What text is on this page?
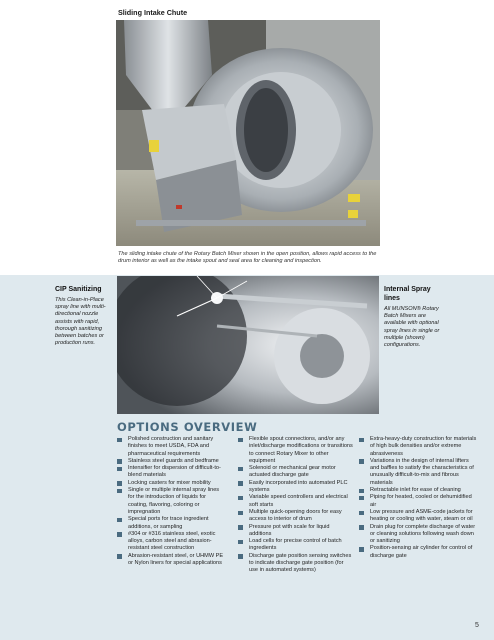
Sliding Intake Chute
The sliding intake chute of the Rotary Batch Mixer shown in the open position, allows rapid access to the drum interior as well as the intake spout and seal area for cleaning and inspection.
CIP Sanitizing
This Clean-in-Place spray line with multi-directional nozzle assists with rapid, thorough sanitizing between batches or production runs.
Internal Spray lines
All MUNSON® Rotary Batch Mixers are available with optional spray lines in single or multiple (shown) configurations.
OPTIONS OVERVIEW
Polished construction and sanitary finishes to meet USDA, FDA and pharmaceutical requirements
Stainless steel guards and bedframe
Intensifier for dispersion of difficult-to-blend materials
Locking casters for mixer mobility
Single or multiple internal spray lines for the introduction of liquids for coating, flavoring, coloring or impregnation
Special ports for trace ingredient additions, or sampling
#304 or #316 stainless steel, exotic alloys, carbon steel and abrasion-resistant steel construction
Abrasion-resistant steel, or UHMW PE or Nylon liners for special applications
Flexible spout connections, and/or any inlet/discharge modifications or transitions to connect Rotary Mixer to other equipment
Solenoid or mechanical gear motor actuated discharge gate
Easily incorporated into automated PLC systems
Variable speed controllers and electrical soft starts
Multiple quick-opening doors for easy access to interior of drum
Pressure pot with scale for liquid additions
Load cells for precise control of batch ingredients
Discharge gate position sensing switches to indicate discharge gate position (for use in automated systems)
Extra-heavy-duty construction for materials of high bulk densities and/or extreme abrasiveness
Variations in the design of internal lifters and baffles to satisfy the characteristics of unusually difficult-to-mix and fibrous materials
Retractable inlet for ease of cleaning
Piping for heated, cooled or dehumidified air
Low pressure and ASME-code jackets for heating or cooling with water, steam or oil
Drain plug for complete discharge of water or cleaning solutions following wash down or sanitizing
Position-sensing air cylinder for control of discharge gate
5
